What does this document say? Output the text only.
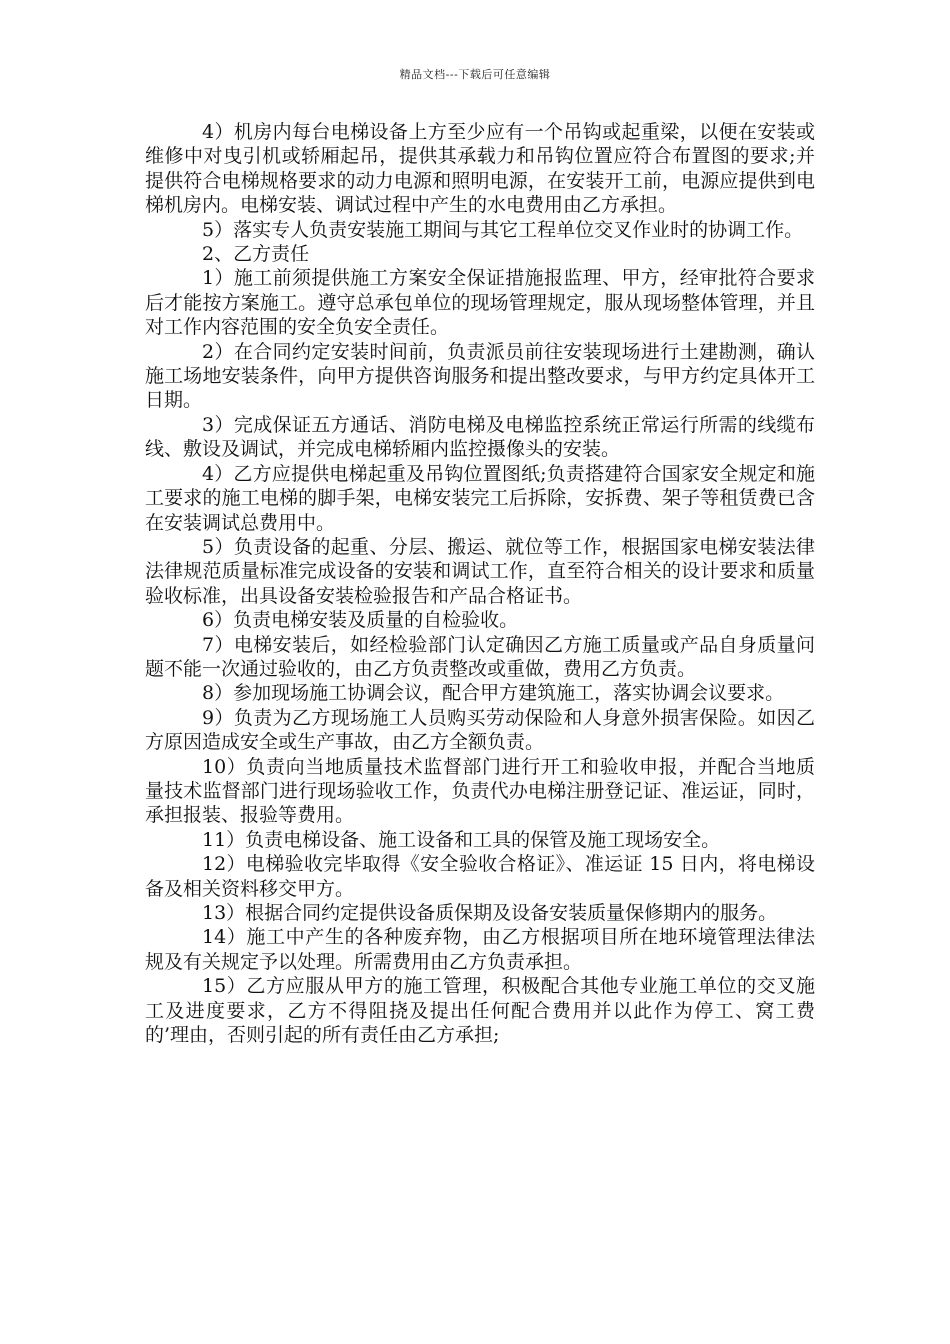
精品文档---下载后可任意编辑

4）机房内每台电梯设备上方至少应有一个吊钩或起重梁，以便在安装或维修中对曳引机或轿厢起吊，提供其承载力和吊钩位置应符合布置图的要求;并提供符合电梯规格要求的动力电源和照明电源，在安装开工前，电源应提供到电梯机房内。电梯安装、调试过程中产生的水电费用由乙方承担。

5）落实专人负责安装施工期间与其它工程单位交叉作业时的协调工作。

2、乙方责任

1）施工前须提供施工方案安全保证措施报监理、甲方，经审批符合要求后才能按方案施工。遵守总承包单位的现场管理规定，服从现场整体管理，并且对工作内容范围的安全负安全责任。

2）在合同约定安装时间前，负责派员前往安装现场进行土建勘测，确认施工场地安装条件，向甲方提供咨询服务和提出整改要求，与甲方约定具体开工日期。

3）完成保证五方通话、消防电梯及电梯监控系统正常运行所需的线缆布线、敷设及调试，并完成电梯轿厢内监控摄像头的安装。

4）乙方应提供电梯起重及吊钩位置图纸;负责搭建符合国家安全规定和施工要求的施工电梯的脚手架，电梯安装完工后拆除，安拆费、架子等租赁费已含在安装调试总费用中。

5）负责设备的起重、分层、搬运、就位等工作，根据国家电梯安装法律法律规范质量标准完成设备的安装和调试工作，直至符合相关的设计要求和质量验收标准，出具设备安装检验报告和产品合格证书。

6）负责电梯安装及质量的自检验收。

7）电梯安装后，如经检验部门认定确因乙方施工质量或产品自身质量问题不能一次通过验收的，由乙方负责整改或重做，费用乙方负责。

8）参加现场施工协调会议，配合甲方建筑施工，落实协调会议要求。

9）负责为乙方现场施工人员购买劳动保险和人身意外损害保险。如因乙方原因造成安全或生产事故，由乙方全额负责。

10）负责向当地质量技术监督部门进行开工和验收申报，并配合当地质量技术监督部门进行现场验收工作，负责代办电梯注册登记证、准运证，同时，承担报装、报验等费用。

11）负责电梯设备、施工设备和工具的保管及施工现场安全。

12）电梯验收完毕取得《安全验收合格证》、准运证 15 日内，将电梯设备及相关资料移交甲方。

13）根据合同约定提供设备质保期及设备安装质量保修期内的服务。

14）施工中产生的各种废弃物，由乙方根据项目所在地环境管理法律法规及有关规定予以处理。所需费用由乙方负责承担。

15）乙方应服从甲方的施工管理，积极配合其他专业施工单位的交叉施工及进度要求，乙方不得阻挠及提出任何配合费用并以此作为停工、窝工费的’理由，否则引起的所有责任由乙方承担;
